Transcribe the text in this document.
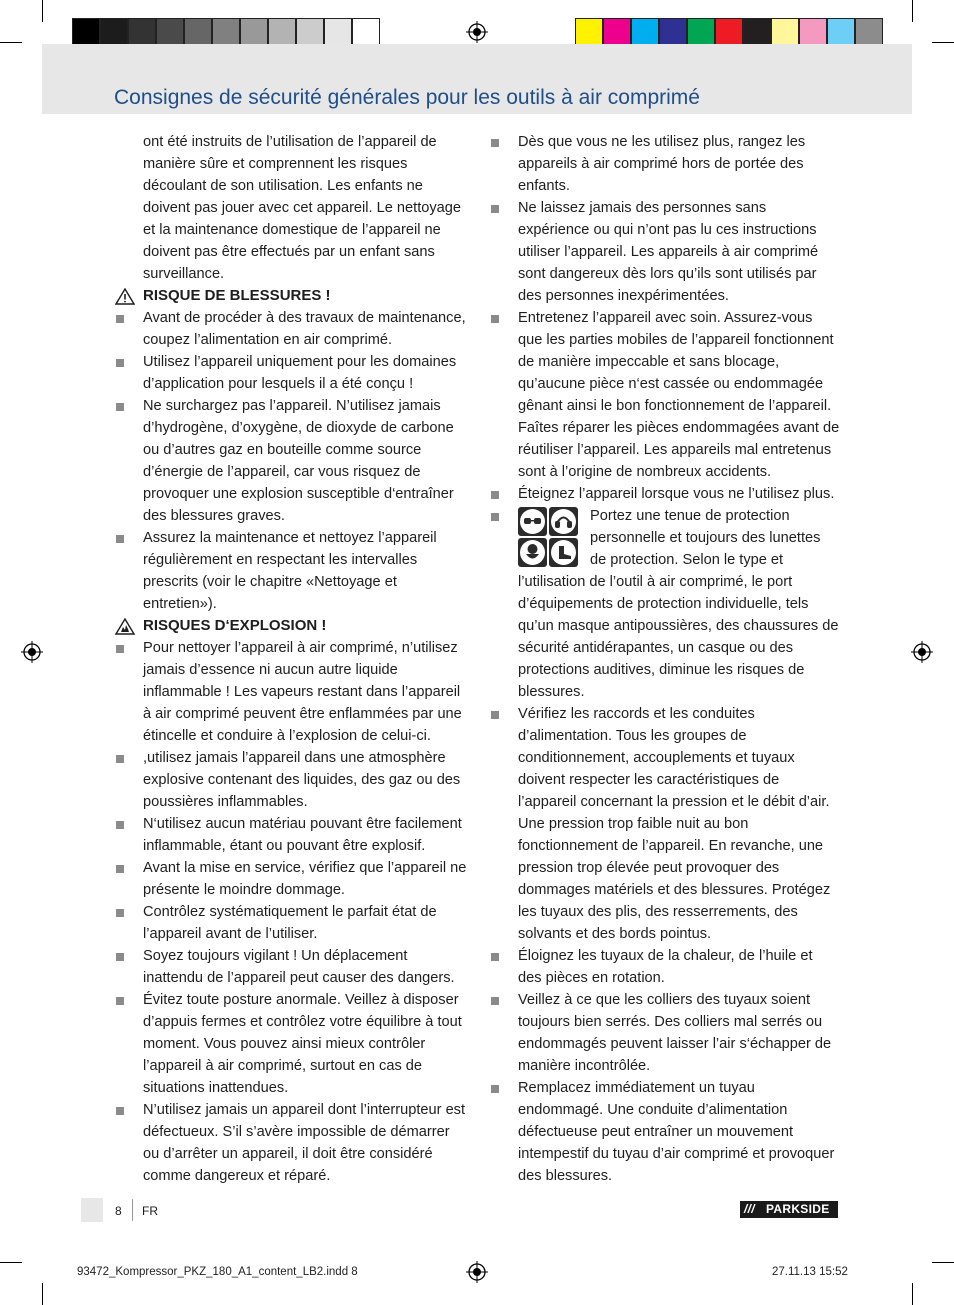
Consignes de sécurité générales pour les outils à air comprimé

ont été instruits de l’utilisation de l’appareil de manière sûre et comprennent les risques découlant de son utilisation. Les enfants ne doivent pas jouer avec cet appareil. Le nettoyage et la maintenance domestique de l’appareil ne doivent pas être effectués par un enfant sans surveillance.

RISQUE DE BLESSURES !

Avant de procéder à des travaux de maintenance, coupez l’alimentation en air comprimé.

Utilisez l’appareil uniquement pour les domaines d’application pour lesquels il a été conçu !

Ne surchargez pas l’appareil. N’utilisez jamais d’hydrogène, d’oxygène, de dioxyde de carbone ou d’autres gaz en bouteille comme source d’énergie de l’appareil, car vous risquez de provoquer une explosion susceptible d‘entraîner des blessures graves.

Assurez la maintenance et nettoyez l’appareil régulièrement en respectant les intervalles prescrits (voir le chapitre «Nettoyage et entretien»).

RISQUES D‘EXPLOSION !

Pour nettoyer l’appareil à air comprimé, n’utilisez jamais d’essence ni aucun autre liquide inflammable ! Les vapeurs restant dans l’appareil à air comprimé peuvent être enflammées par une étincelle et conduire à l’explosion de celui-ci.

,utilisez jamais l’appareil dans une atmosphère explosive contenant des liquides, des gaz ou des poussières inflammables.

N‘utilisez aucun matériau pouvant être facilement inflammable, étant ou pouvant être explosif.

Avant la mise en service, vérifiez que l’appareil ne présente le moindre dommage.

Contrôlez systématiquement le parfait état de l’appareil avant de l’utiliser.

Soyez toujours vigilant ! Un déplacement inattendu de l’appareil peut causer des dangers.

Évitez toute posture anormale. Veillez à disposer d’appuis fermes et contrôlez votre équilibre à tout moment. Vous pouvez ainsi mieux contrôler l’appareil à air comprimé, surtout en cas de situations inattendues.

N’utilisez jamais un appareil dont l’interrupteur est défectueux. S’il s’avère impossible de démarrer ou d’arrêter un appareil, il doit être considéré comme dangereux et réparé.

Dès que vous ne les utilisez plus, rangez les appareils à air comprimé hors de portée des enfants.

Ne laissez jamais des personnes sans expérience ou qui n’ont pas lu ces instructions utiliser l’appareil. Les appareils à air comprimé sont dangereux dès lors qu’ils sont utilisés par des personnes inexpérimentées.

Entretenez l’appareil avec soin. Assurez-vous que les parties mobiles de l’appareil fonctionnent de manière impeccable et sans blocage, qu’aucune pièce n‘est cassée ou endommagée gênant ainsi le bon fonctionnement de l’appareil. Faîtes réparer les pièces endommagées avant de réutiliser l’appareil. Les appareils mal entretenus sont à l’origine de nombreux accidents.

Éteignez l’appareil lorsque vous ne l’utilisez plus.

Portez une tenue de protection personnelle et toujours des lunettes de protection. Selon le type et l’utilisation de l’outil à air comprimé, le port d’équipements de protection individuelle, tels qu’un masque antipoussières, des chaussures de sécurité antidérapantes, un casque ou des protections auditives, diminue les risques de blessures.

Vérifiez les raccords et les conduites d’alimentation. Tous les groupes de conditionnement, accouplements et tuyaux doivent respecter les caractéristiques de l’appareil concernant la pression et le débit d’air. Une pression trop faible nuit au bon fonctionnement de l’appareil. En revanche, une pression trop élevée peut provoquer des dommages matériels et des blessures. Protégez les tuyaux des plis, des resserrements, des solvants et des bords pointus.

Éloignez les tuyaux de la chaleur, de l’huile et des pièces en rotation.

Veillez à ce que les colliers des tuyaux soient toujours bien serrés. Des colliers mal serrés ou endommagés peuvent laisser l’air s‘échapper de manière incontrôlée.

Remplacez immédiatement un tuyau endommagé. Une conduite d’alimentation défectueuse peut entraîner un mouvement intempestif du tuyau d’air comprimé et provoquer des blessures.

8 FR	/// PARKSIDE
93472_Kompressor_PKZ_180_A1_content_LB2.indd 8	27.11.13 15:52
